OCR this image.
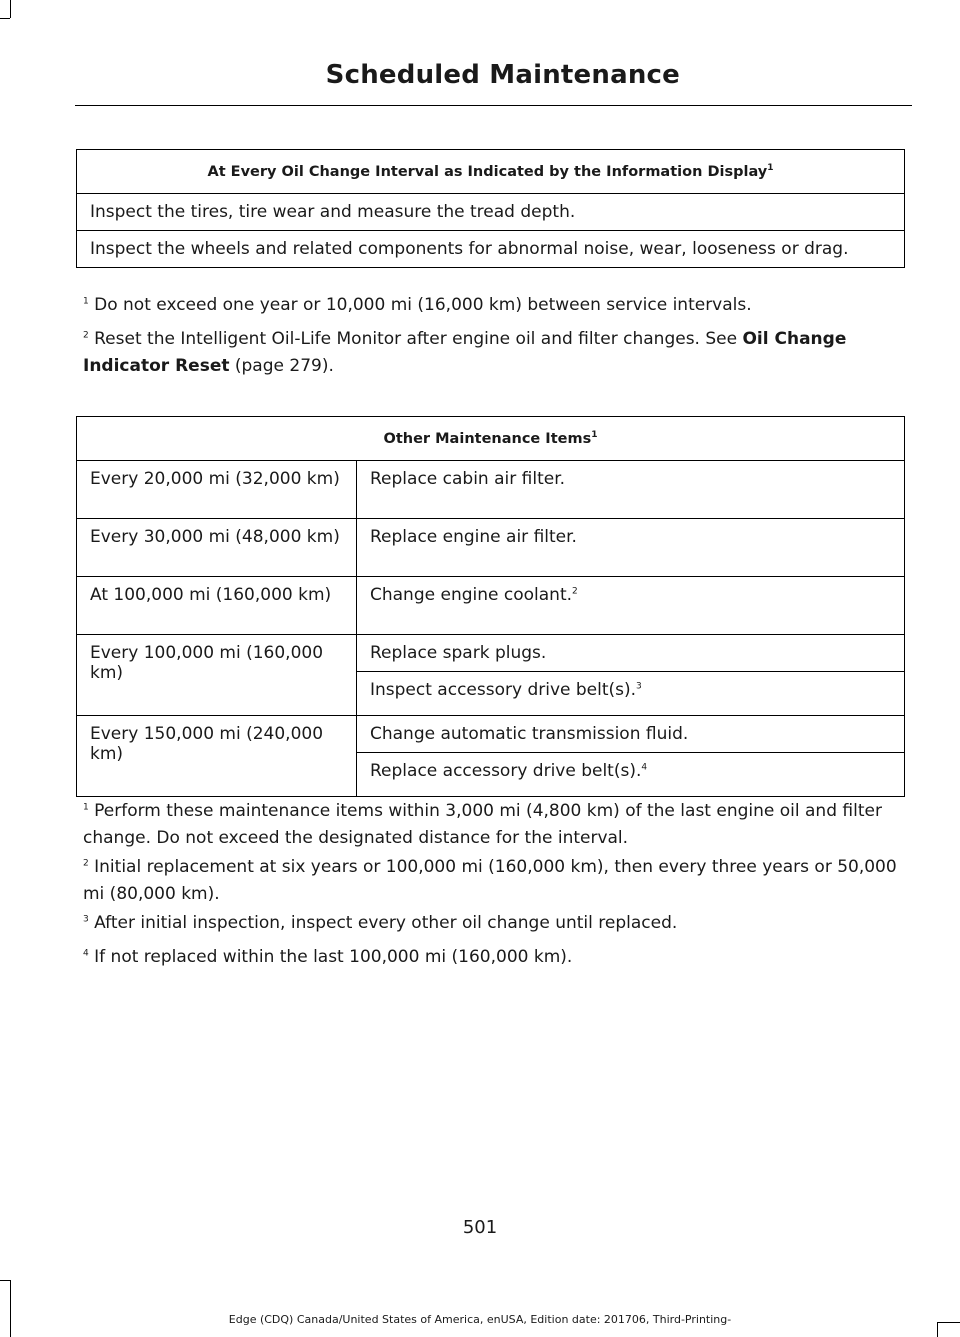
Scheduled Maintenance
At Every Oil Change Interval as Indicated by the Information Display$^1$
Inspect the tires, tire wear and measure the tread depth.
Inspect the wheels and related components for abnormal noise, wear, looseness or drag.
$^1$ Do not exceed one year or 10,000 mi (16,000 km) between service intervals.
$^2$ Reset the Intelligent Oil-Life Monitor after engine oil and filter changes. See Oil Change Indicator Reset (page 279).
Other Maintenance Items$^1$
Every 20,000 mi (32,000 km)	Replace cabin air filter.
Every 30,000 mi (48,000 km)	Replace engine air filter.
At 100,000 mi (160,000 km)	Change engine coolant.$^2$
Every 100,000 mi (160,000 km)	Replace spark plugs.
	Inspect accessory drive belt(s).$^3$
Every 150,000 mi (240,000 km)	Change automatic transmission fluid.
	Replace accessory drive belt(s).$^4$
$^1$ Perform these maintenance items within 3,000 mi (4,800 km) of the last engine oil and filter change. Do not exceed the designated distance for the interval.
$^2$ Initial replacement at six years or 100,000 mi (160,000 km), then every three years or 50,000 mi (80,000 km).
$^3$ After initial inspection, inspect every other oil change until replaced.
$^4$ If not replaced within the last 100,000 mi (160,000 km).
501
Edge (CDQ) Canada/United States of America, enUSA, Edition date: 201706, Third-Printing-
